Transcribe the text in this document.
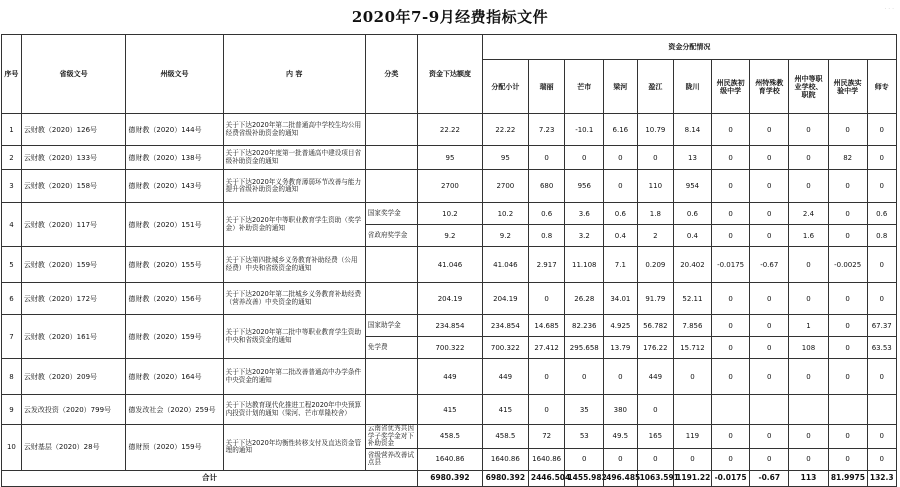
2020年7-9月经费指标文件
序号	省级文号	州级文号	内 容	分类	资金下达额度	资金分配情况										
						分配小计	瑞丽	芒市	梁河	盈江	陇川	州民族初级中学	州特殊教育学校	州中等职业学校、职院	州民族实验中学	师专
1	云财教（2020）126号	德财教（2020）144号	关于下达2020年第二批普通高中学校生均公用经费省级补助资金的通知		22.22	22.22	7.23	-10.1	6.16	10.79	8.14	0	0	0	0	0
2	云财教（2020）133号	德财教（2020）138号	关于下达2020年度第一批普通高中建设项目省级补助资金的通知		95	95	0	0	0	0	13	0	0	0	82	0
3	云财教（2020）158号	德财教（2020）143号	关于下达2020年义务教育薄弱环节改善与能力提升省级补助资金的通知		2700	2700	680	956	0	110	954	0	0	0	0	0
4	云财教（2020）117号	德财教（2020）151号	关于下达2020年中等职业教育学生资助（奖学金）补助资金的通知	国家奖学金	10.2	10.2	0.6	3.6	0.6	1.8	0.6	0	0	2.4	0	0.6
				省政府奖学金	9.2	9.2	0.8	3.2	0.4	2	0.4	0	0	1.6	0	0.8
5	云财教（2020）159号	德财教（2020）155号	关于下达第四批城乡义务教育补助经费（公用经费）中央和省级资金的通知		41.046	41.046	2.917	11.108	7.1	0.209	20.402	-0.0175	-0.67	0	-0.0025	0
6	云财教（2020）172号	德财教（2020）156号	关于下达2020年第二批城乡义务教育补助经费（营养改善）中央资金的通知		204.19	204.19	0	26.28	34.01	91.79	52.11	0	0	0	0	0
7	云财教（2020）161号	德财教（2020）159号	关于下达2020年第二批中等职业教育学生资助中央和省级资金的通知	国家助学金	234.854	234.854	14.685	82.236	4.925	56.782	7.856	0	0	1	0	67.37
				免学费	700.322	700.322	27.412	295.658	13.79	176.22	15.712	0	0	108	0	63.53
8	云财教（2020）209号	德财教（2020）164号	关于下达2020年第二批改善普通高中办学条件中央资金的通知		449	449	0	0	0	449	0	0	0	0	0	0
9	云发改投资（2020）799号	德发改社会（2020）259号	关于下达教育现代化推进工程2020年中央预算内投资计划的通知（梁河、芒市草隆校舍）		415	415	0	35	380	0						
10	云财基层（2020）28号	德财预（2020）159号	关于下达2020年均衡性转移支付及直达资金管理的通知	云南省优秀共因学子奖学金对下补助资金	458.5	458.5	72	53	49.5	165	119	0	0	0	0	0
				省级营养改善试点县	1640.86	1640.86	1640.86	0	0	0	0	0	0	0	0	0
合计					6980.392	6980.392	2446.504	1455.982	496.485	1063.591	1191.22	-0.0175	-0.67	113	81.9975	132.3
· · ·
